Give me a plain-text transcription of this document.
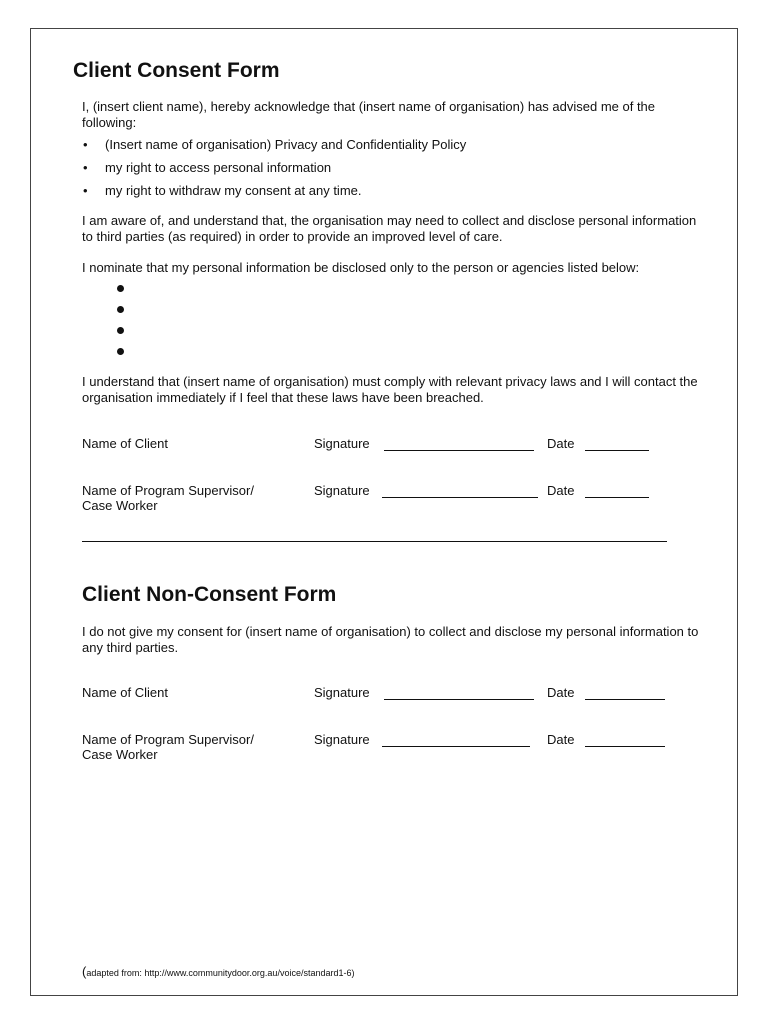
Client Consent Form
I, (insert client name), hereby acknowledge that (insert name of organisation) has advised me of the following:
• (Insert name of organisation) Privacy and Confidentiality Policy
• my right to access personal information
• my right to withdraw my consent at any time.
I am aware of, and understand that, the organisation may need to collect and disclose personal information to third parties (as required) in order to provide an improved level of care.
I nominate that my personal information be disclosed only to the person or agencies listed below:
I understand that (insert name of organisation) must comply with relevant privacy laws and I will contact the organisation immediately if I feel that these laws have been breached.
Name of Client	Signature	Date
Name of Program Supervisor/
Case Worker
Signature	Date
Client Non-Consent Form
I do not give my consent for (insert name of organisation) to collect and disclose my personal information to any third parties.
Name of Client	Signature	Date
Name of Program Supervisor/
Case Worker
Signature	Date
(adapted from: http://www.communitydoor.org.au/voice/standard1-6)
